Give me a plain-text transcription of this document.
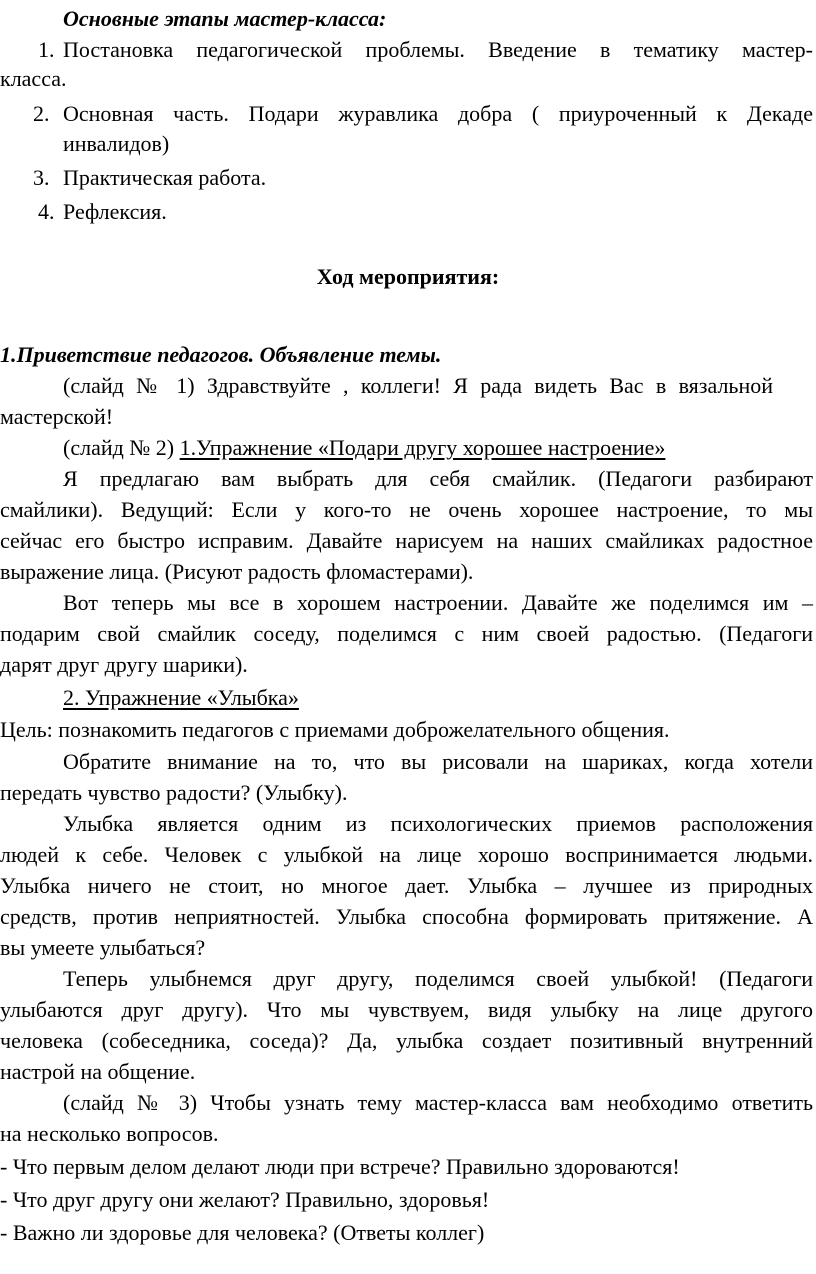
Основные этапы мастер-класса:
1. Постановка педагогической проблемы. Введение в тематику мастер-
класса.
2. Основная часть. Подари журавлика добра ( приуроченный к Декаде
инвалидов)
3. Практическая работа.
4. Рефлексия.
Ход мероприятия:
1.Приветствие педагогов. Объявление темы.
(слайд № 1) Здравствуйте , коллеги! Я рада видеть Вас в вязальной
мастерской!
(слайд № 2) 1.Упражнение «Подари другу хорошее настроение»
Я предлагаю вам выбрать для себя смайлик. (Педагоги разбирают
смайлики). Ведущий: Если у кого-то не очень хорошее настроение, то мы
сейчас его быстро исправим. Давайте нарисуем на наших смайликах радостное
выражение лица. (Рисуют радость фломастерами).
Вот теперь мы все в хорошем настроении. Давайте же поделимся им –
подарим свой смайлик соседу, поделимся с ним своей радостью. (Педагоги
дарят друг другу шарики).
2. Упражнение «Улыбка»
Цель: познакомить педагогов с приемами доброжелательного общения.
Обратите внимание на то, что вы рисовали на шариках, когда хотели
передать чувство радости? (Улыбку).
Улыбка является одним из психологических приемов расположения
людей к себе. Человек с улыбкой на лице хорошо воспринимается людьми.
Улыбка ничего не стоит, но многое дает. Улыбка – лучшее из природных
средств, против неприятностей. Улыбка способна формировать притяжение. А
вы умеете улыбаться?
Теперь улыбнемся друг другу, поделимся своей улыбкой! (Педагоги
улыбаются друг другу). Что мы чувствуем, видя улыбку на лице другого
человека (собеседника, соседа)? Да, улыбка создает позитивный внутренний
настрой на общение.
(слайд № 3) Чтобы узнать тему мастер-класса вам необходимо ответить
на несколько вопросов.
- Что первым делом делают люди при встрече? Правильно здороваются!
- Что друг другу они желают? Правильно, здоровья!
- Важно ли здоровье для человека? (Ответы коллег)
